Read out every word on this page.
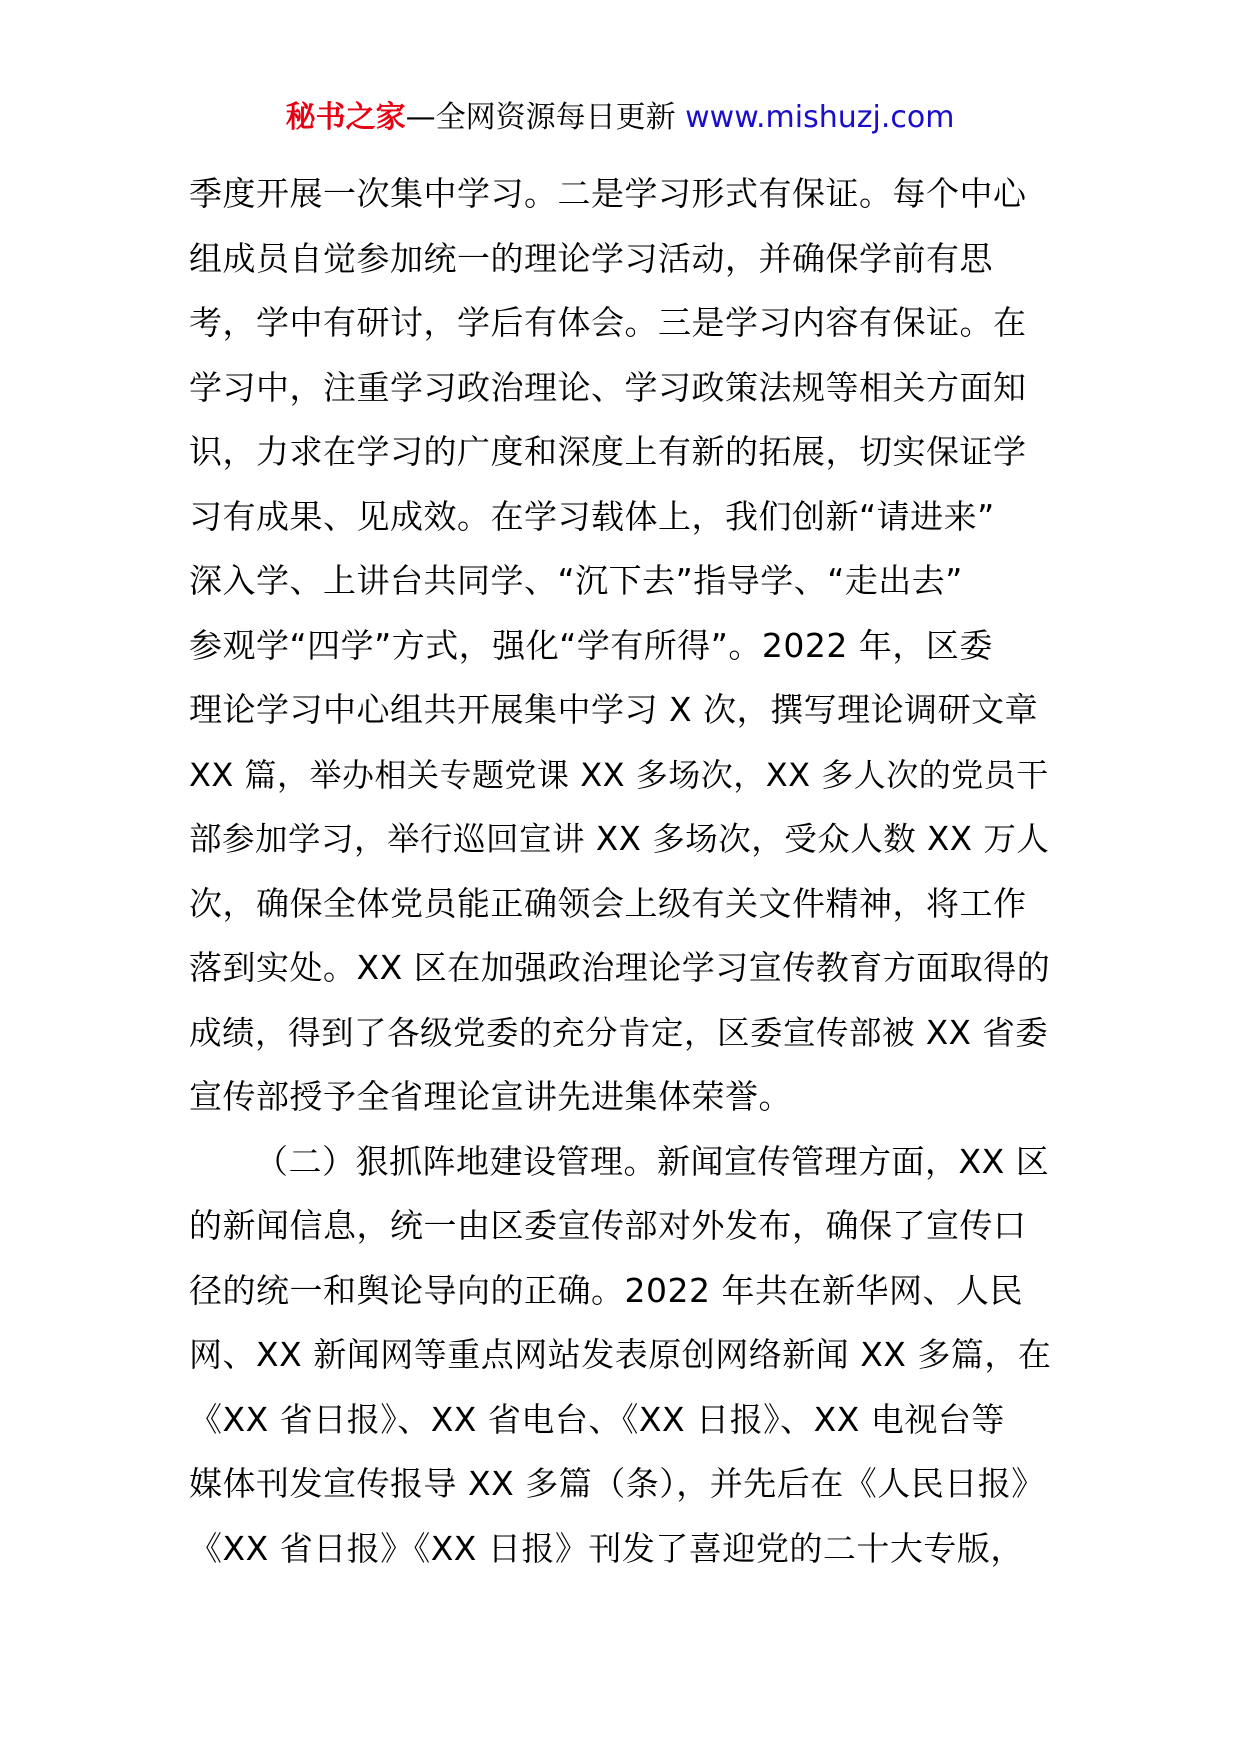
秘书之家—全网资源每日更新 www.mishuzj.com
季度开展一次集中学习。二是学习形式有保证。每个中心
组成员自觉参加统一的理论学习活动，并确保学前有思
考，学中有研讨，学后有体会。三是学习内容有保证。在
学习中，注重学习政治理论、学习政策法规等相关方面知
识，力求在学习的广度和深度上有新的拓展，切实保证学
习有成果、见成效。在学习载体上，我们创新“请进来”
深入学、上讲台共同学、“沉下去”指导学、“走出去”
参观学“四学”方式，强化“学有所得”。2022 年，区委
理论学习中心组共开展集中学习 X 次，撰写理论调研文章
XX 篇，举办相关专题党课 XX 多场次，XX 多人次的党员干
部参加学习，举行巡回宣讲 XX 多场次，受众人数 XX 万人
次，确保全体党员能正确领会上级有关文件精神，将工作
落到实处。XX 区在加强政治理论学习宣传教育方面取得的
成绩，得到了各级党委的充分肯定，区委宣传部被 XX 省委
宣传部授予全省理论宣讲先进集体荣誉。
（二）狠抓阵地建设管理。新闻宣传管理方面，XX 区
的新闻信息，统一由区委宣传部对外发布，确保了宣传口
径的统一和舆论导向的正确。2022 年共在新华网、人民
网、XX 新闻网等重点网站发表原创网络新闻 XX 多篇，在
《XX 省日报》、XX 省电台、《XX 日报》、XX 电视台等
媒体刊发宣传报导 XX 多篇（条），并先后在《人民日报》
《XX 省日报》《XX 日报》刊发了喜迎党的二十大专版，
